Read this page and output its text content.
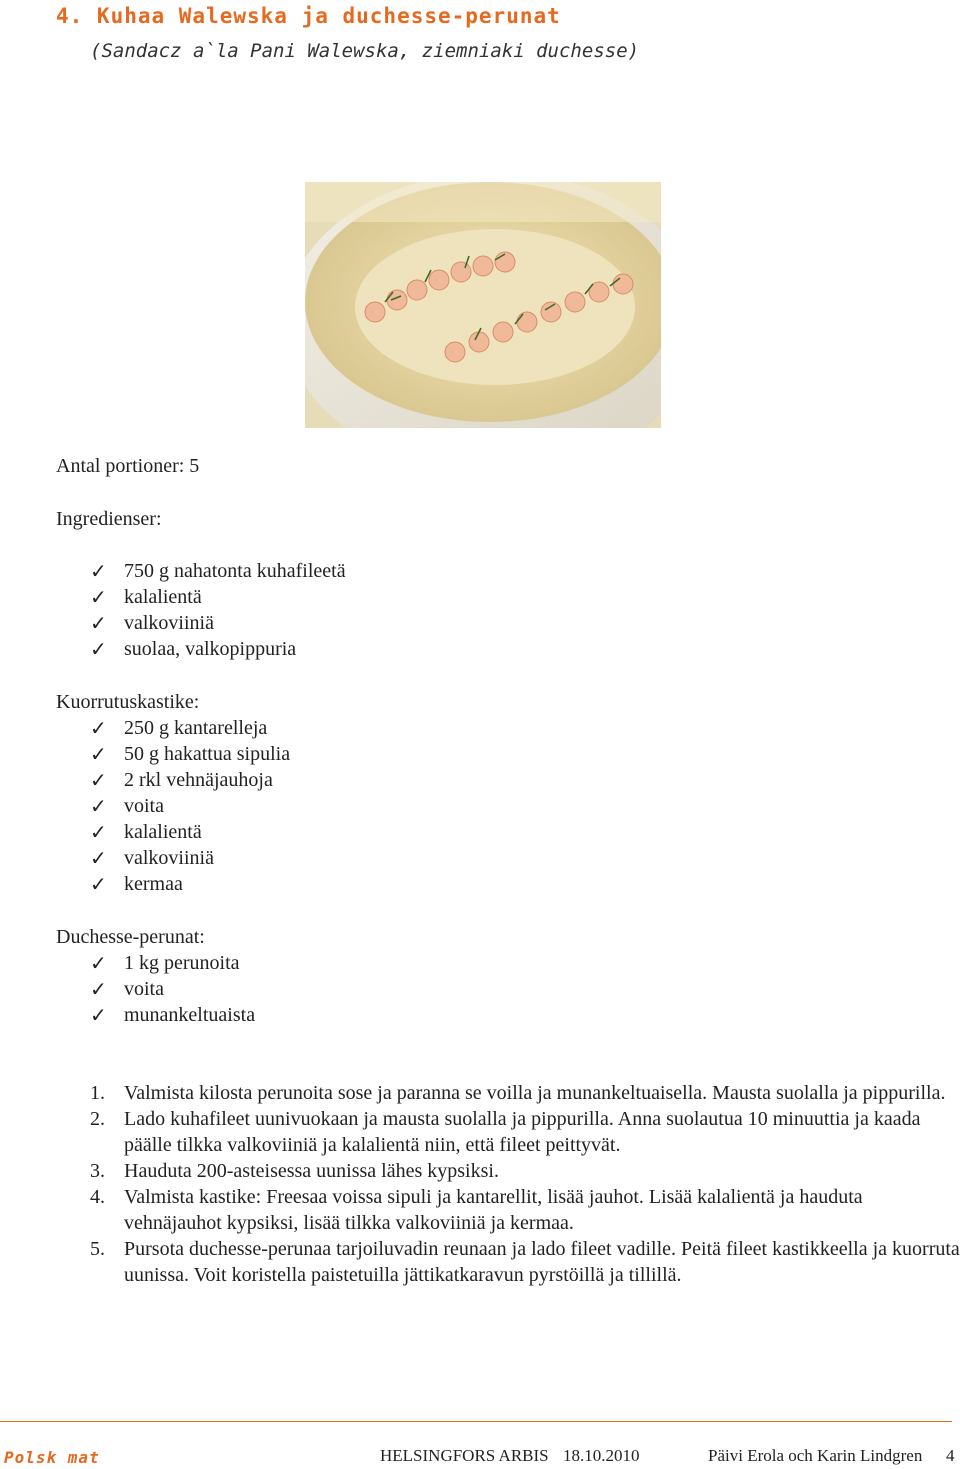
4. Kuhaa Walewska ja duchesse-perunat
(Sandacz a`la Pani Walewska, ziemniaki duchesse)
Antal portioner: 5
Ingredienser:
✓ 750 g nahatonta kuhafileetä
✓ kalalientä
✓ valkoviiniä
✓ suolaa, valkopippuria
Kuorrutuskastike:
✓ 250 g kantarelleja
✓ 50 g hakattua sipulia
✓ 2 rkl vehnäjauhoja
✓ voita
✓ kalalientä
✓ valkoviiniä
✓ kermaa
Duchesse-perunat:
✓ 1 kg perunoita
✓ voita
✓ munankeltuaista
1. Valmista kilosta perunoita sose ja paranna se voilla ja munankeltuaisella. Mausta suolalla ja pippurilla.
2. Lado kuhafileet uunivuokaan ja mausta suolalla ja pippurilla. Anna suolautua 10 minuuttia ja kaada päälle tilkka valkoviiniä ja kalalientä niin, että fileet peittyvät.
3. Hauduta 200-asteisessa uunissa lähes kypsiksi.
4. Valmista kastike: Freesaa voissa sipuli ja kantarellit, lisää jauhot. Lisää kalalientä ja hauduta vehnäjauhot kypsiksi, lisää tilkka valkoviiniä ja kermaa.
5. Pursota duchesse-perunaa tarjoiluvadin reunaan ja lado fileet vadille. Peitä fileet kastikkeella ja kuorruta uunissa. Voit koristella paistetuilla jättikatkaravun pyrstöillä ja tillillä.
Polsk mat	HELSINGFORS ARBIS 18.10.2010	Päivi Erola och Karin Lindgren 4
